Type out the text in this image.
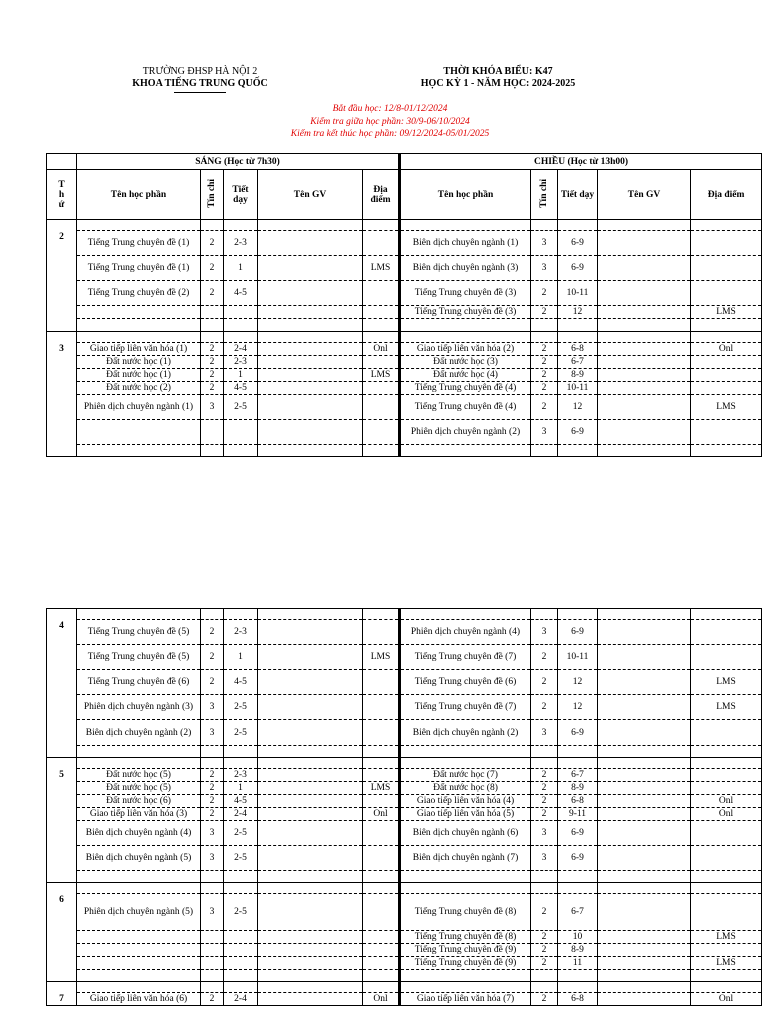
TRƯỜNG ĐHSP HÀ NỘI 2
KHOA TIẾNG TRUNG QUỐC
THỜI KHÓA BIỂU: K47
HỌC KỲ 1 - NĂM HỌC: 2024-2025
Bắt đầu học: 12/8-01/12/2024
Kiểm tra giữa học phần: 30/9-06/10/2024
Kiểm tra kết thúc học phần: 09/12/2024-05/01/2025
	SÁNG (Học từ 7h30)					CHIỀU (Học từ 13h00)				
T h ứ	Tên học phần	Tín chỉ	Tiết dạy	Tên GV	Địa điểm	Tên học phần	Tín chỉ	Tiết dạy	Tên GV	Địa điểm
2										
	Tiếng Trung chuyên đề (1)	2	2-3			Biên dịch chuyên ngành (1)	3	6-9		
	Tiếng Trung chuyên đề (1)	2	1		LMS	Biên dịch chuyên ngành (3)	3	6-9		
	Tiếng Trung chuyên đề (2)	2	4-5			Tiếng Trung chuyên đề (3)	2	10-11		
						Tiếng Trung chuyên đề (3)	2	12		LMS

3										
	Giao tiếp liên văn hóa (1)	2	2-4		Onl	Giao tiếp liên văn hóa (2)	2	6-8		Onl
	Đất nước học (1)	2	2-3			Đất nước học (3)	2	6-7		
	Đất nước học (1)	2	1		LMS	Đất nước học (4)	2	8-9		
	Đất nước học (2)	2	4-5			Tiếng Trung chuyên đề (4)	2	10-11		
	Phiên dịch chuyên ngành (1)	3	2-5			Tiếng Trung chuyên đề (4)	2	12		LMS
						Phiên dịch chuyên ngành (2)	3	6-9		

4										
	Tiếng Trung chuyên đề (5)	2	2-3			Phiên dịch chuyên ngành (4)	3	6-9		
	Tiếng Trung chuyên đề (5)	2	1		LMS	Tiếng Trung chuyên đề (7)	2	10-11		
	Tiếng Trung chuyên đề (6)	2	4-5			Tiếng Trung chuyên đề (6)	2	12		LMS
	Phiên dịch chuyên ngành (3)	3	2-5			Tiếng Trung chuyên đề (7)	2	12		LMS
	Biên dịch chuyên ngành (2)	3	2-5			Biên dịch chuyên ngành (2)	3	6-9		

5										
	Đất nước học (5)	2	2-3			Đất nước học (7)	2	6-7		
	Đất nước học (5)	2	1		LMS	Đất nước học (8)	2	8-9		
	Đất nước học (6)	2	4-5			Giao tiếp liên văn hóa (4)	2	6-8		Onl
	Giao tiếp liên văn hóa (3)	2	2-4		Onl	Giao tiếp liên văn hóa (5)	2	9-11		Onl
	Biên dịch chuyên ngành (4)	3	2-5			Biên dịch chuyên ngành (6)	3	6-9		
	Biên dịch chuyên ngành (5)	3	2-5			Biên dịch chuyên ngành (7)	3	6-9		

6										
	Phiên dịch chuyên ngành (5)	3	2-5			Tiếng Trung chuyên đề (8)	2	6-7		
						Tiếng Trung chuyên đề (8)	2	10		LMS
						Tiếng Trung chuyên đề (9)	2	8-9		
						Tiếng Trung chuyên đề (9)	2	11		LMS

7										
	Giao tiếp liên văn hóa (6)	2	2-4		Onl	Giao tiếp liên văn hóa (7)	2	6-8		Onl
